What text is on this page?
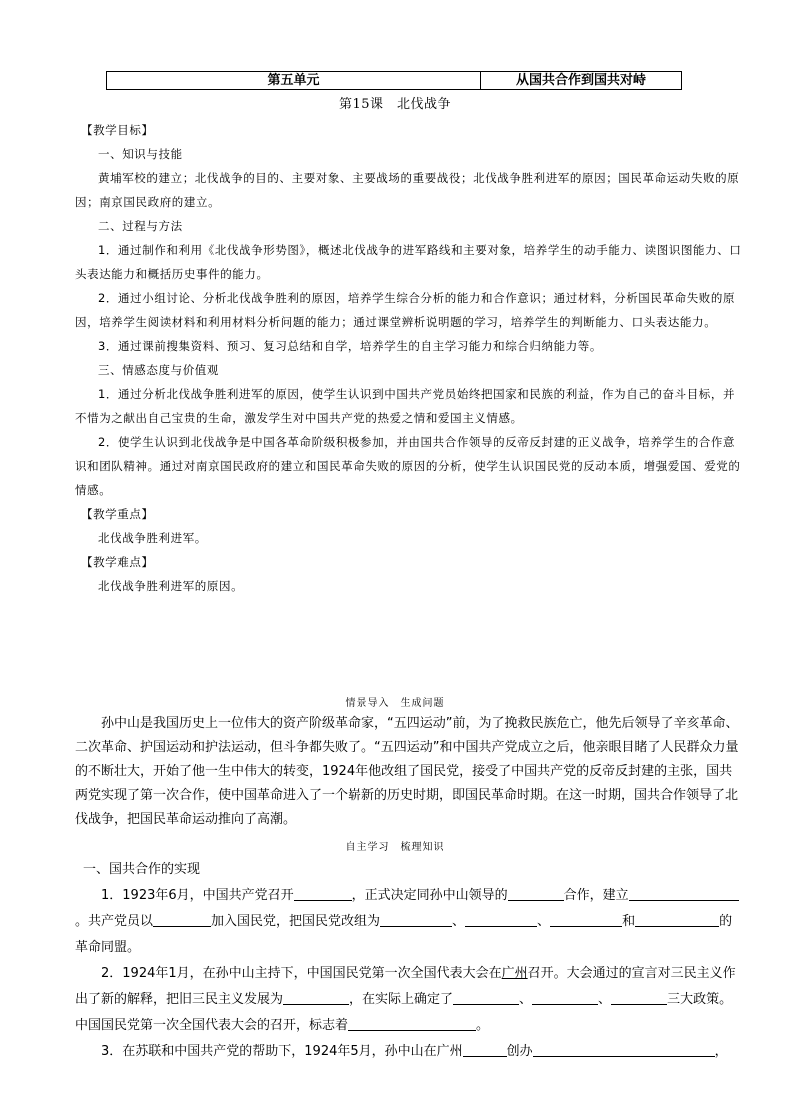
第五单元	从国共合作到国共对峙
第15课　北伐战争

【教学目标】

一、知识与技能

黄埔军校的建立；北伐战争的目的、主要对象、主要战场的重要战役；北伐战争胜利进军的原因；国民革命运动失败的原因；南京国民政府的建立。

二、过程与方法

1．通过制作和利用《北伐战争形势图》，概述北伐战争的进军路线和主要对象，培养学生的动手能力、读图识图能力、口头表达能力和概括历史事件的能力。

2．通过小组讨论、分析北伐战争胜利的原因，培养学生综合分析的能力和合作意识；通过材料，分析国民革命失败的原因，培养学生阅读材料和利用材料分析问题的能力；通过课堂辨析说明题的学习，培养学生的判断能力、口头表达能力。

3．通过课前搜集资料、预习、复习总结和自学，培养学生的自主学习能力和综合归纳能力等。

三、情感态度与价值观

1．通过分析北伐战争胜利进军的原因，使学生认识到中国共产党员始终把国家和民族的利益，作为自己的奋斗目标，并不惜为之献出自己宝贵的生命，激发学生对中国共产党的热爱之情和爱国主义情感。

2．使学生认识到北伐战争是中国各革命阶级积极参加，并由国共合作领导的反帝反封建的正义战争，培养学生的合作意识和团队精神。通过对南京国民政府的建立和国民革命失败的原因的分析，使学生认识国民党的反动本质，增强爱国、爱党的情感。

【教学重点】

北伐战争胜利进军。

【教学难点】

北伐战争胜利进军的原因。

情景导入　生成问题

孙中山是我国历史上一位伟大的资产阶级革命家，“五四运动”前，为了挽救民族危亡，他先后领导了辛亥革命、二次革命、护国运动和护法运动，但斗争都失败了。“五四运动”和中国共产党成立之后，他亲眼目睹了人民群众力量的不断壮大，开始了他一生中伟大的转变，1924年他改组了国民党，接受了中国共产党的反帝反封建的主张，国共两党实现了第一次合作，使中国革命进入了一个崭新的历史时期，即国民革命时期。在这一时期，国共合作领导了北伐战争，把国民革命运动推向了高潮。

自主学习　梳理知识

一、国共合作的实现

1．1923年6月，中国共产党召开	，正式决定同孙中山领导的	合作，建立。共产党员以	加入国民党，把国民党改组为	、	、	和	的革命同盟。

2．1924年1月，在孙中山主持下，中国国民党第一次全国代表大会在广州召开。大会通过的宣言对三民主义作出了新的解释，把旧三民主义发展为	，在实际上确定了	、	、	三大政策。中国国民党第一次全国代表大会的召开，标志着	。

3．在苏联和中国共产党的帮助下，1924年5月，孙中山在广州	创办	，
